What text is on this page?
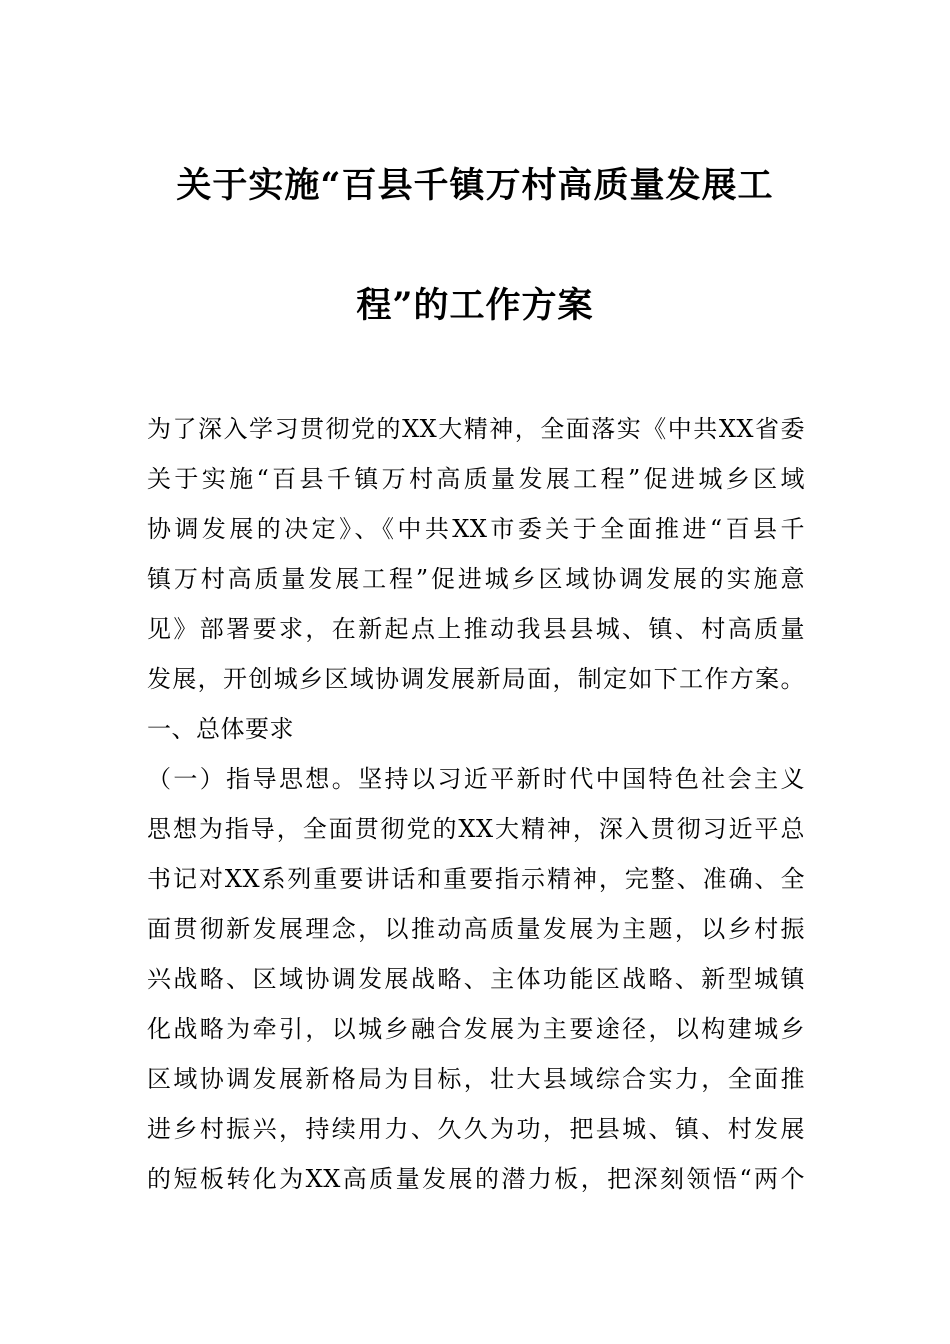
关于实施“百县千镇万村高质量发展工
程”的工作方案
为了深入学习贯彻党的XX大精神，全面落实《中共XX省委
关于实施“百县千镇万村高质量发展工程”促进城乡区域
协调发展的决定》、《中共XX市委关于全面推进“百县千
镇万村高质量发展工程”促进城乡区域协调发展的实施意
见》部署要求，在新起点上推动我县县城、镇、村高质量
发展，开创城乡区域协调发展新局面，制定如下工作方案。
一、总体要求
（一）指导思想。坚持以习近平新时代中国特色社会主义
思想为指导，全面贯彻党的XX大精神，深入贯彻习近平总
书记对XX系列重要讲话和重要指示精神，完整、准确、全
面贯彻新发展理念，以推动高质量发展为主题，以乡村振
兴战略、区域协调发展战略、主体功能区战略、新型城镇
化战略为牵引，以城乡融合发展为主要途径，以构建城乡
区域协调发展新格局为目标，壮大县域综合实力，全面推
进乡村振兴，持续用力、久久为功，把县城、镇、村发展
的短板转化为XX高质量发展的潜力板，把深刻领悟“两个
